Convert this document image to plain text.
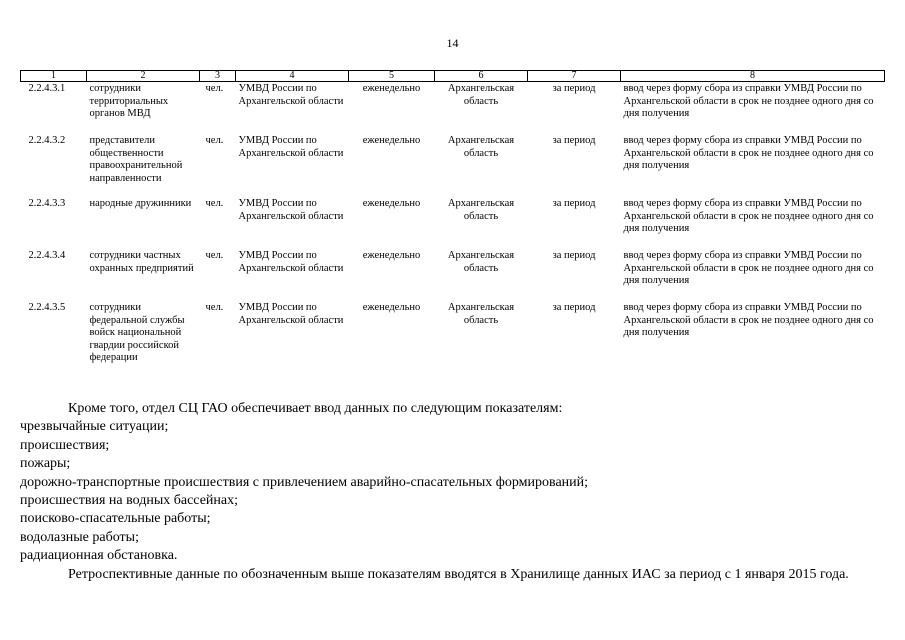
14
1	2	3	4	5	6	7	8
2.2.4.3.1	сотрудники территориальных органов МВД	чел.	УМВД России по Архангельской области	еженедельно	Архангельская область	за период	ввод через форму сбора из справки УМВД России по Архангельской области в срок не позднее одного дня со дня получения
2.2.4.3.2	представители общественности правоохранительной направленности	чел.	УМВД России по Архангельской области	еженедельно	Архангельская область	за период	ввод через форму сбора из справки УМВД России по Архангельской области в срок не позднее одного дня со дня получения
2.2.4.3.3	народные дружинники	чел.	УМВД России по Архангельской области	еженедельно	Архангельская область	за период	ввод через форму сбора из справки УМВД России по Архангельской области в срок не позднее одного дня со дня получения
2.2.4.3.4	сотрудники частных охранных предприятий	чел.	УМВД России по Архангельской области	еженедельно	Архангельская область	за период	ввод через форму сбора из справки УМВД России по Архангельской области в срок не позднее одного дня со дня получения
2.2.4.3.5	сотрудники федеральной службы войск национальной гвардии российской федерации	чел.	УМВД России по Архангельской области	еженедельно	Архангельская область	за период	ввод через форму сбора из справки УМВД России по Архангельской области в срок не позднее одного дня со дня получения

Кроме того, отдел СЦ ГАО обеспечивает ввод данных по следующим показателям:

чрезвычайные ситуации;

происшествия;

пожары;

дорожно-транспортные происшествия с привлечением аварийно-спасательных формирований;

происшествия на водных бассейнах;

поисково-спасательные работы;

водолазные работы;

радиационная обстановка.

Ретроспективные данные по обозначенным выше показателям вводятся в Хранилище данных ИАС за период с 1 января 2015 года.
